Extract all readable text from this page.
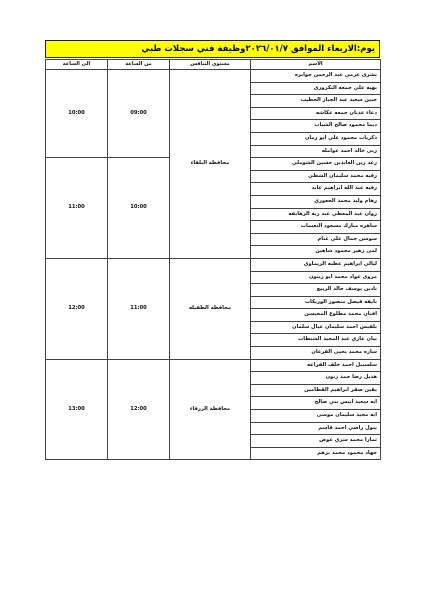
يوم:الاربعاء الموافق ٢٠٢٦/٠١/٧وظيفة فني سجلات طبي
الاسم	مستوى التنافس	من الساعة	الى الساعة
بشرى عزمي عبد الرحمن جوابره	محافظة البلقاء	09:00	10:00
بهيه علي جمعه النكروري			
حنين سعيد عبد الجبار الخطيب			
دعاء عدنان جمعه عكاشه			
ديما محمود صالح الشياب			
ذكريات محمود علي ابو رمان			
ربى خالد احمد عوامله			
رغد زين العابدين حسين الشوملي		10:00	11:00
رقيه محمد سليمان الشطي			
رقيه عبد الله ابراهيم عايد			
رهام وليد محمد الجعوري			
روان عبد المعطي عبد ربه الرهايفه			
ساهره مبارك مسعود النعيمات			
سوسن جمال علي غنام			
لمى زهير محمود شاهين			
ليالي ابراهيم عطيه الريماوي	محافظة الطفيله	11:00	12:00
مروى عواد محمد ابو زيتون			
نادين يوسف خالد الربيع			
نايفه فيصل منصور الوريكات			
افنان محمد مطلوع المحيسن			
بلقيس احمد سليمان عيال سلمان			
بيان غازي عبد المجيد الشبطات			
ساره محمد يحيى القرعان			
سلسبيل احمد خلف القراعه	محافظة الزرقاء	12:00	13:00
هديل رضا حمد زنون			
يقين صقر ابراهيم القطامين			
ايه سعيد انيس بني صالح			
ايه مجيد سليمان موسى			
بتول راضي احمد قاسم			
تمارا محمد سري عوض			
جهاد محمود محمد برهم			
